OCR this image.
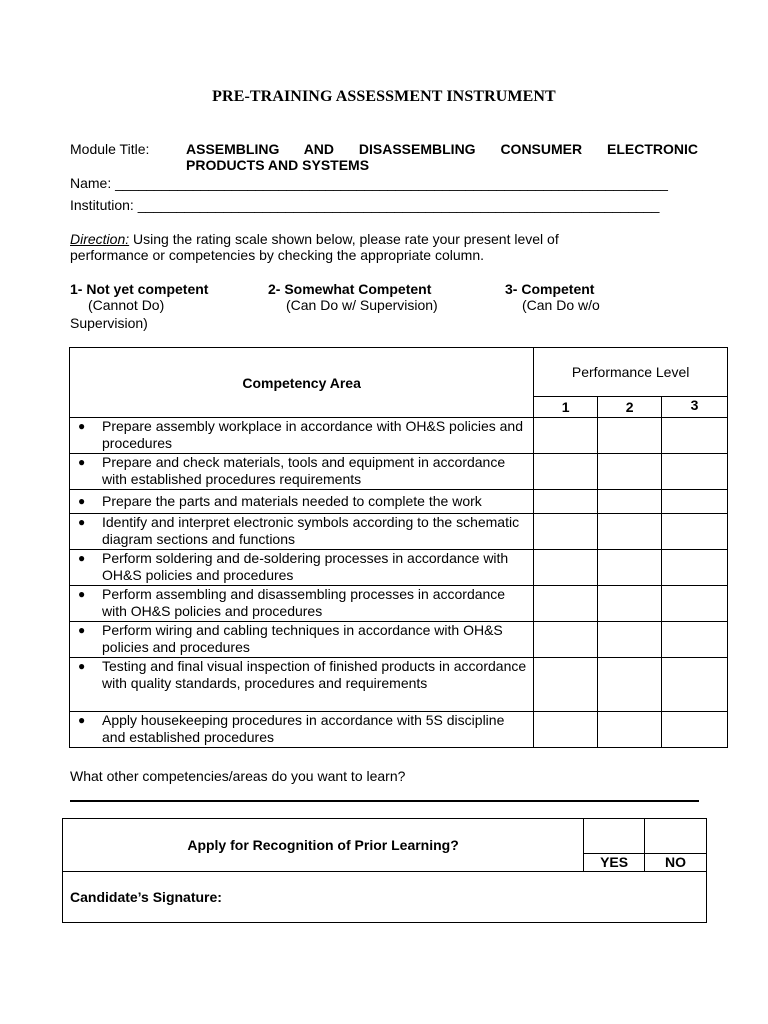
PRE-TRAINING ASSESSMENT INSTRUMENT
Module Title:	ASSEMBLING AND DISASSEMBLING CONSUMER ELECTRONIC
PRODUCTS AND SYSTEMS
Name: _______________________________________________________________________
Institution: ___________________________________________________________________
Direction: Using the rating scale shown below, please rate your present level of performance or competencies by checking the appropriate column.
1- Not yet competent
(Cannot Do)
2- Somewhat Competent
(Can Do w/ Supervision)
3- Competent
(Can Do w/o
Supervision)
Competency Area	Performance Level		
	1	2	3

● Prepare assembly workplace in accordance with OH&S policies and procedures			

● Prepare and check materials, tools and equipment in accordance with established procedures requirements			

● Prepare the parts and materials needed to complete the work			

● Identify and interpret electronic symbols according to the schematic diagram sections and functions			

● Perform soldering and de-soldering processes in accordance with OH&S policies and procedures			

● Perform assembling and disassembling processes in accordance with OH&S policies and procedures			

● Perform wiring and cabling techniques in accordance with OH&S policies and procedures			

● Testing and final visual inspection of finished products in accordance with quality standards, procedures and requirements			

● Apply housekeeping procedures in accordance with 5S discipline and established procedures			

What other competencies/areas do you want to learn?
Apply for Recognition of Prior Learning?		
	YES	NO
Candidate’s Signature:		
